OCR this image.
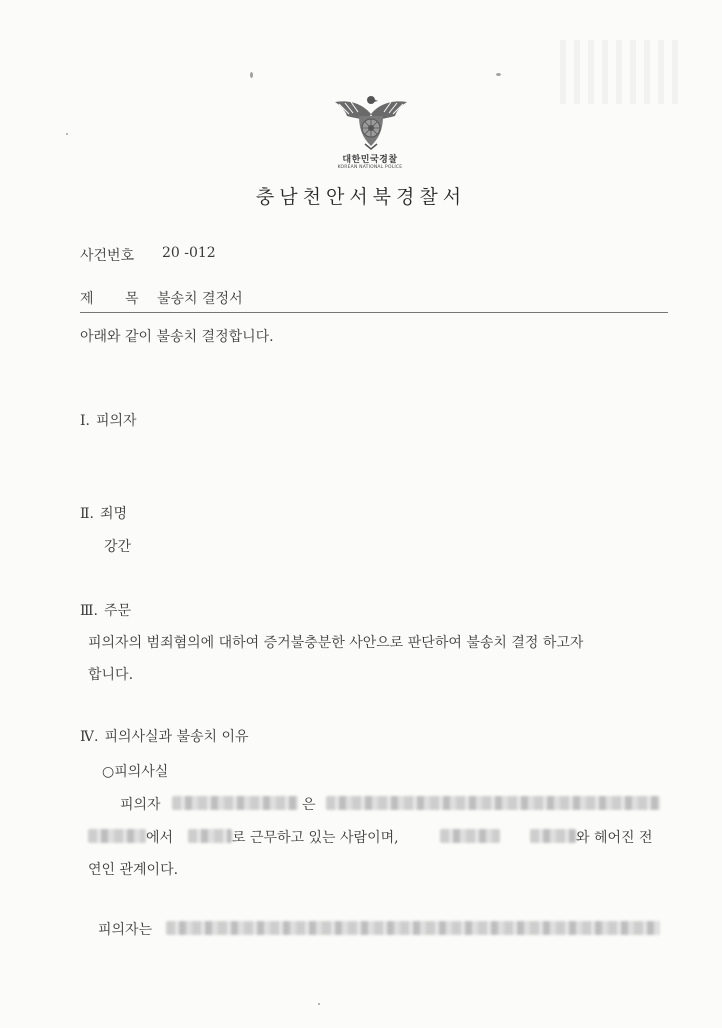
대한민국경찰
KOREAN NATIONAL POLICE
충남천안서북경찰서
사건번호 20 -012
제 목 불송치 결정서
아래와 같이 불송치 결정합니다.
Ⅰ. 피의자
Ⅱ. 죄명
강간
Ⅲ. 주문
피의자의 범죄혐의에 대하여 증거불충분한 사안으로 판단하여 불송치 결정 하고자
합니다.
Ⅳ. 피의사실과 불송치 이유
○피의사실
피의자	은
에서	로 근무하고 있는 사람이며,	와 헤어진 전
연인 관계이다.
피의자는
